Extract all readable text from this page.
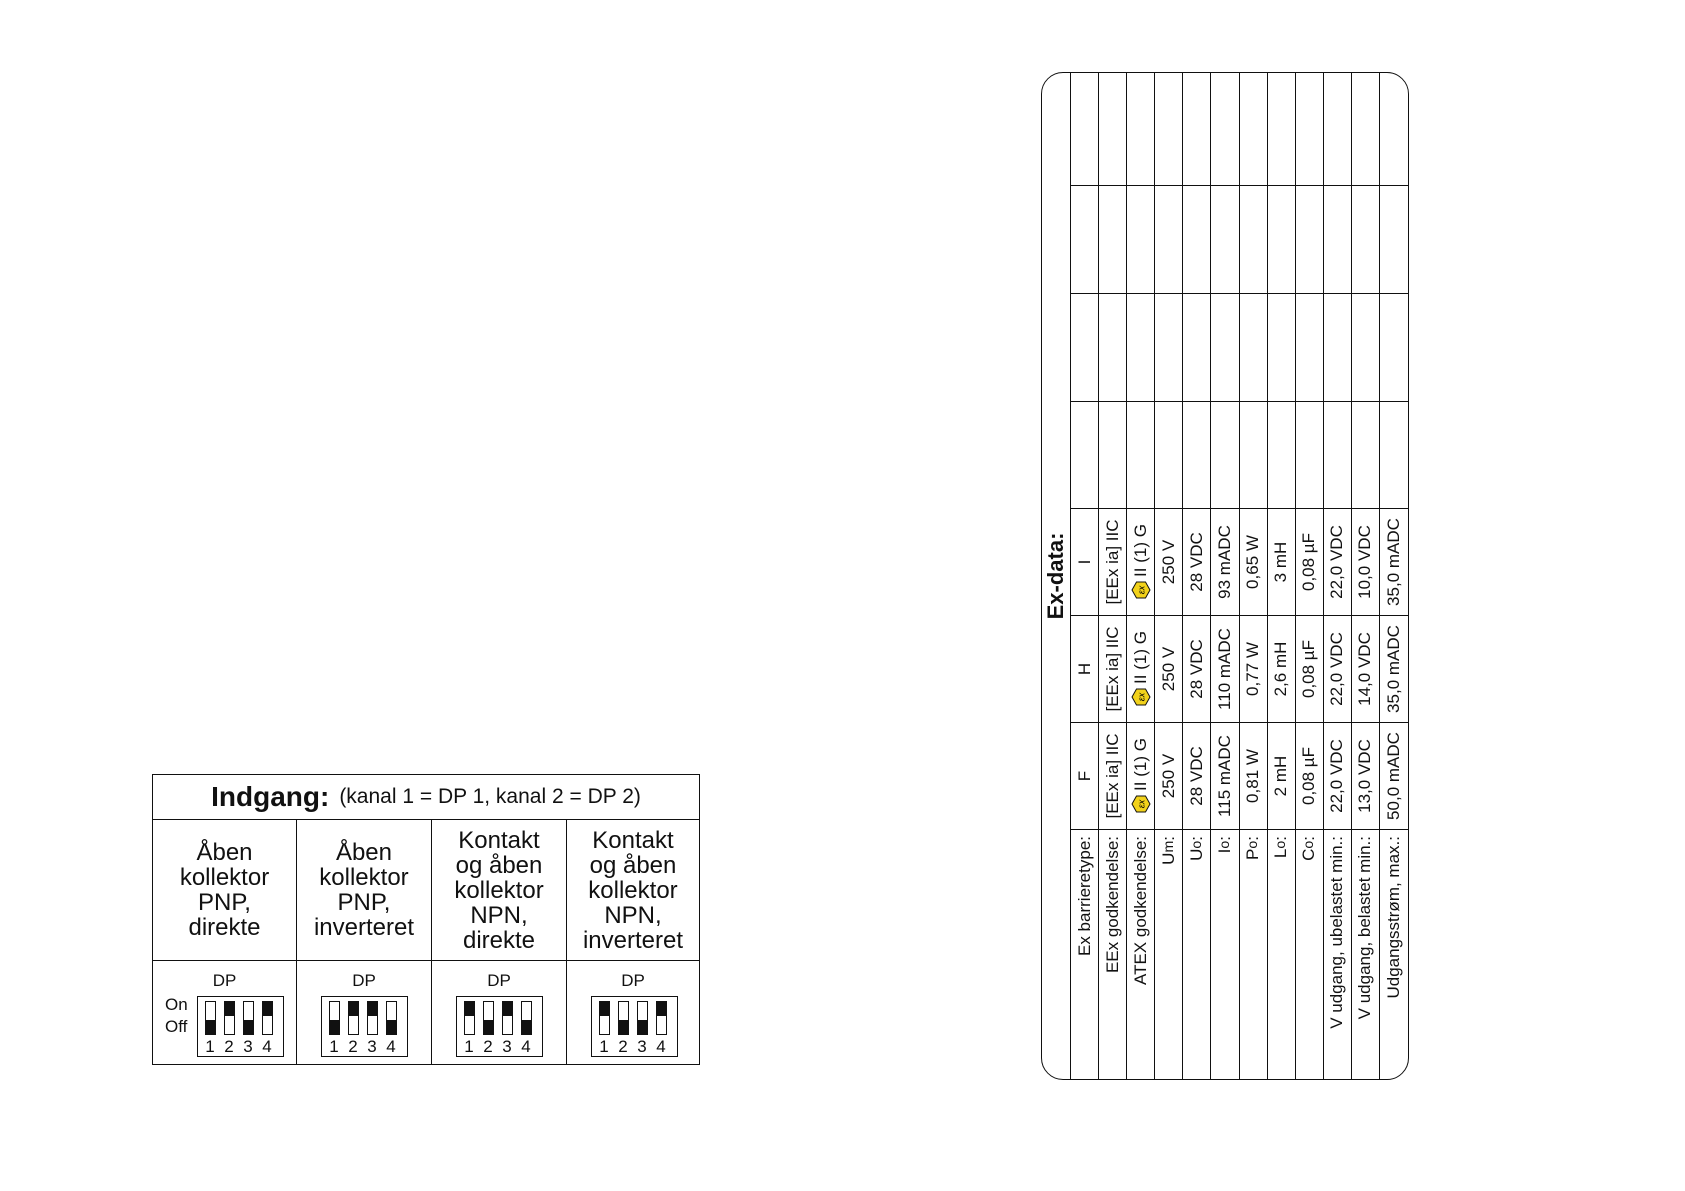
Indgang: (kanal 1 = DP 1, kanal 2 = DP 2)
Åben
kollektor
PNP,
direkte
DP
On
Off
1 2 3 4
Åben
kollektor
PNP,
inverteret
DP
1 2 3 4
Kontakt
og åben
kollektor
NPN,
direkte
DP
1 2 3 4
Kontakt
og åben
kollektor
NPN,
inverteret
DP
1 2 3 4
Ex-data:
Ex barrieretype:
F
H
I
EEx godkendelse:
[EEx ia] IIC
[EEx ia] IIC
[EEx ia] IIC
ATEX godkendelse:
εx
II (1) G
εx
II (1) G
εx
II (1) G
U
m
:
250 V
250 V
250 V
U
o
:
28 VDC
28 VDC
28 VDC
I
o
:
115 mADC
110 mADC
93 mADC
P
o
:
0,81 W
0,77 W
0,65 W
L
o
:
2 mH
2,6 mH
3 mH
C
o
:
0,08 µF
0,08 µF
0,08 µF
V udgang, ubelastet min.:
22,0 VDC
22,0 VDC
22,0 VDC
V udgang, belastet min.:
13,0 VDC
14,0 VDC
10,0 VDC
Udgangsstrøm, max.:
50,0 mADC
35,0 mADC
35,0 mADC
